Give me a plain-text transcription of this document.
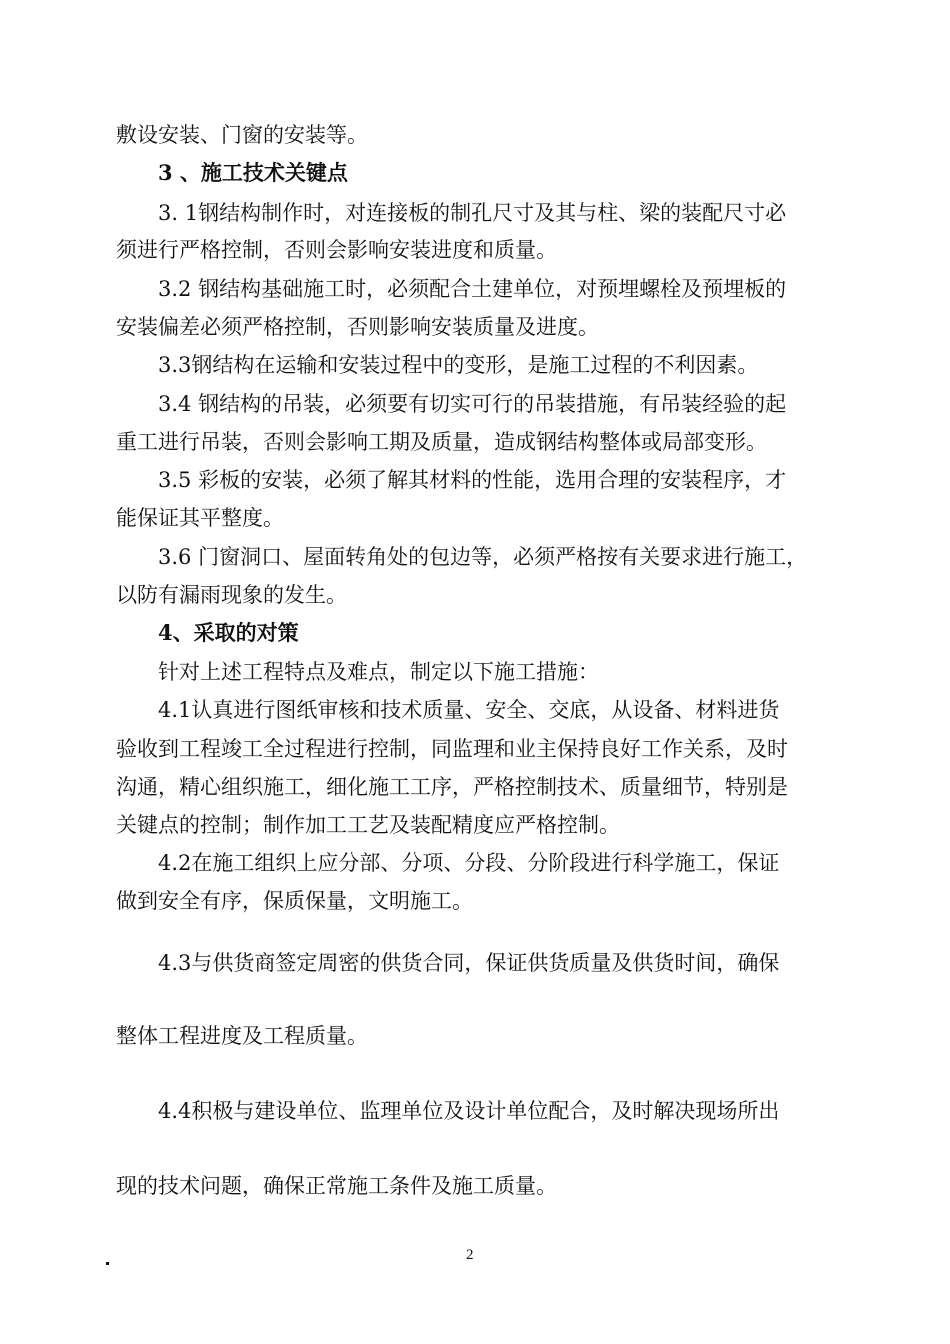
敷设安装、门窗的安装等。
3 、施工技术关键点
3. 1钢结构制作时，对连接板的制孔尺寸及其与柱、梁的装配尺寸必
须进行严格控制，否则会影响安装进度和质量。
3.2 钢结构基础施工时，必须配合土建单位，对预埋螺栓及预埋板的
安装偏差必须严格控制，否则影响安装质量及进度。
3.3钢结构在运输和安装过程中的变形，是施工过程的不利因素。
3.4 钢结构的吊装，必须要有切实可行的吊装措施，有吊装经验的起
重工进行吊装，否则会影响工期及质量，造成钢结构整体或局部变形。
3.5 彩板的安装，必须了解其材料的性能，选用合理的安装程序，才
能保证其平整度。
3.6 门窗洞口、屋面转角处的包边等，必须严格按有关要求进行施工，
以防有漏雨现象的发生。
4、采取的对策
针对上述工程特点及难点，制定以下施工措施：
4.1认真进行图纸审核和技术质量、安全、交底，从设备、材料进货
验收到工程竣工全过程进行控制，同监理和业主保持良好工作关系，及时
沟通，精心组织施工，细化施工工序，严格控制技术、质量细节，特别是
关键点的控制；制作加工工艺及装配精度应严格控制。
4.2在施工组织上应分部、分项、分段、分阶段进行科学施工，保证
做到安全有序，保质保量，文明施工。
4.3与供货商签定周密的供货合同，保证供货质量及供货时间，确保
整体工程进度及工程质量。
4.4积极与建设单位、监理单位及设计单位配合，及时解决现场所出
现的技术问题，确保正常施工条件及施工质量。
2
